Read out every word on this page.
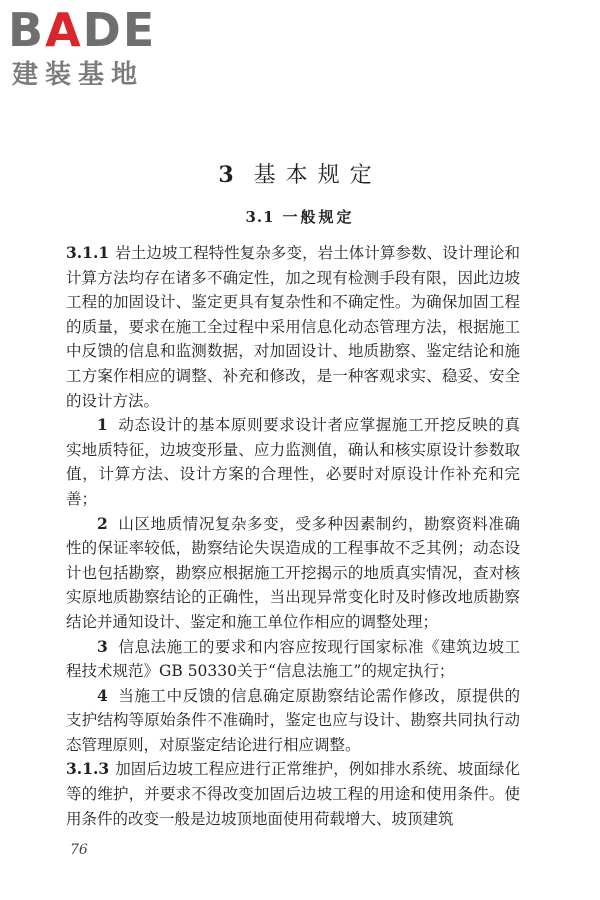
BADE
建装基地
3 基本规定
3.1 一般规定

3.1.1 岩土边坡工程特性复杂多变，岩土体计算参数、设计理论和计算方法均存在诸多不确定性，加之现有检测手段有限，因此边坡工程的加固设计、鉴定更具有复杂性和不确定性。为确保加固工程的质量，要求在施工全过程中采用信息化动态管理方法，根据施工中反馈的信息和监测数据，对加固设计、地质勘察、鉴定结论和施工方案作相应的调整、补充和修改，是一种客观求实、稳妥、安全的设计方法。

1 动态设计的基本原则要求设计者应掌握施工开挖反映的真实地质特征，边坡变形量、应力监测值，确认和核实原设计参数取值，计算方法、设计方案的合理性，必要时对原设计作补充和完善；

2 山区地质情况复杂多变，受多种因素制约，勘察资料准确性的保证率较低，勘察结论失误造成的工程事故不乏其例；动态设计也包括勘察，勘察应根据施工开挖揭示的地质真实情况，查对核实原地质勘察结论的正确性，当出现异常变化时及时修改地质勘察结论并通知设计、鉴定和施工单位作相应的调整处理；

3 信息法施工的要求和内容应按现行国家标准《建筑边坡工程技术规范》GB 50330关于“信息法施工”的规定执行；

4 当施工中反馈的信息确定原勘察结论需作修改，原提供的支护结构等原始条件不准确时，鉴定也应与设计、勘察共同执行动态管理原则，对原鉴定结论进行相应调整。

3.1.3 加固后边坡工程应进行正常维护，例如排水系统、坡面绿化等的维护，并要求不得改变加固后边坡工程的用途和使用条件。使用条件的改变一般是边坡顶地面使用荷载增大、坡顶建筑

76
